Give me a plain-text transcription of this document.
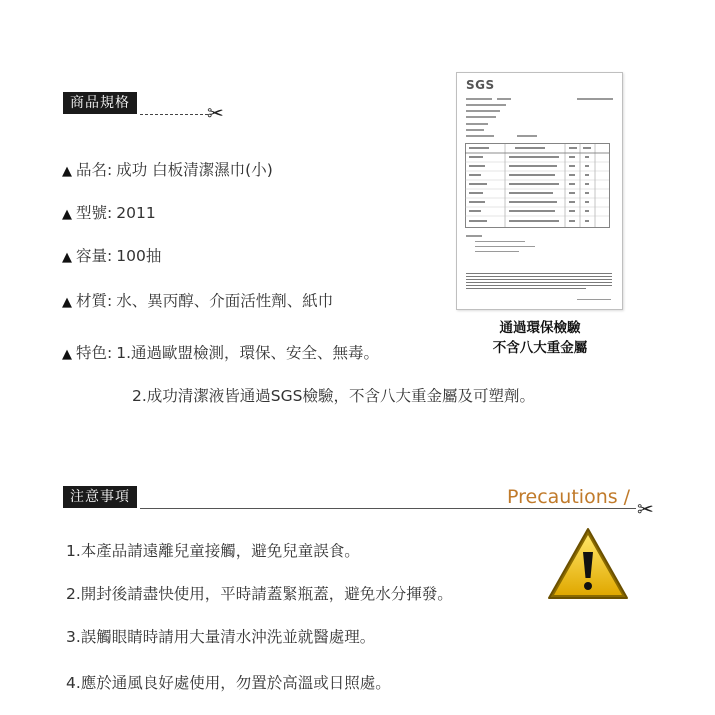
商品規格	✂
▲ 品名: 成功 白板清潔濕巾(小)
▲ 型號: 2011
▲ 容量: 100抽
▲ 材質: 水、異丙醇、介面活性劑、紙巾
▲ 特色: 1.通過歐盟檢測，環保、安全、無毒。
2.成功清潔液皆通過SGS檢驗，不含八大重金屬及可塑劑。
SGS
通過環保檢驗
不含八大重金屬
注意事項	Precautions / ✂
1.本產品請遠離兒童接觸，避免兒童誤食。
2.開封後請盡快使用，平時請蓋緊瓶蓋，避免水分揮發。
3.誤觸眼睛時請用大量清水沖洗並就醫處理。
4.應於通風良好處使用，勿置於高溫或日照處。
